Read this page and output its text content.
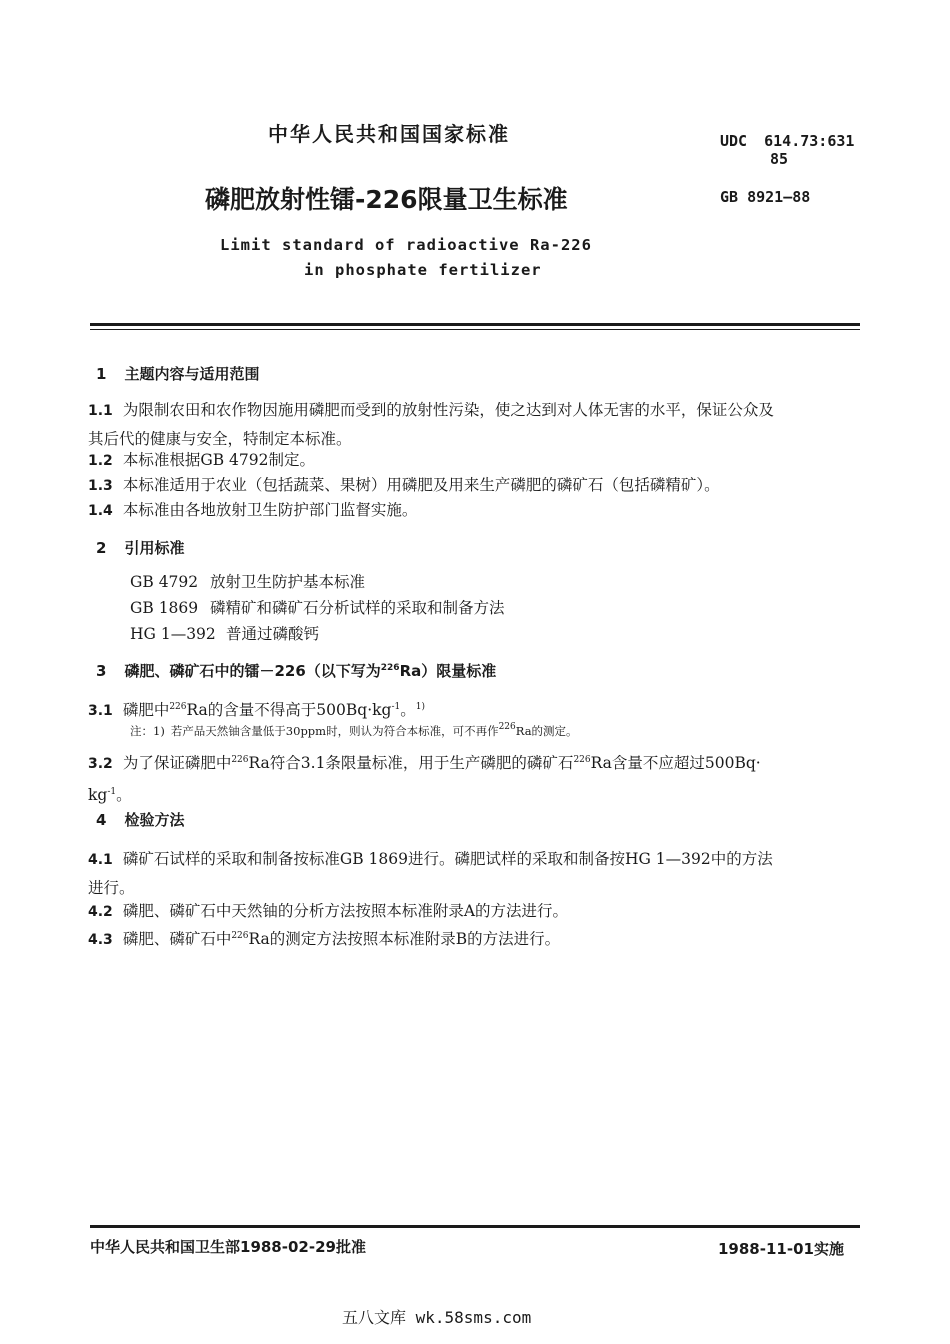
中华人民共和国国家标准	UDC 614.73:631
85
磷肥放射性镭-226限量卫生标准	GB 8921—88
Limit standard of radioactive Ra-226
in phosphate fertilizer
1 主题内容与适用范围
1.1 为限制农田和农作物因施用磷肥而受到的放射性污染，使之达到对人体无害的水平，保证公众及
其后代的健康与安全，特制定本标准。
1.2 本标准根据GB 4792制定。
1.3 本标准适用于农业（包括蔬菜、果树）用磷肥及用来生产磷肥的磷矿石（包括磷精矿）。
1.4 本标准由各地放射卫生防护部门监督实施。
2 引用标准
GB 4792 放射卫生防护基本标准
GB 1869 磷精矿和磷矿石分析试样的采取和制备方法
HG 1—392 普通过磷酸钙
3 磷肥、磷矿石中的镭－226（以下写为$^{226}$Ra）限量标准
3.1 磷肥中$^{226}$Ra的含量不得高于$500Bq\cdot kg^{-1}$。$^{1)}$
注：1) 若产品天然铀含量低于30ppm时，则认为符合本标准，可不再作$^{226}$Ra的测定。
3.2 为了保证磷肥中$^{226}$Ra符合3.1条限量标准，用于生产磷肥的磷矿石$^{226}$Ra含量不应超过500Bq·
$kg^{-1}$。
4 检验方法
4.1 磷矿石试样的采取和制备按标准GB 1869进行。磷肥试样的采取和制备按HG 1—392中的方法
进行。
4.2 磷肥、磷矿石中天然铀的分析方法按照本标准附录A的方法进行。
4.3 磷肥、磷矿石中$^{226}$Ra的测定方法按照本标准附录B的方法进行。
中华人民共和国卫生部1988-02-29批准	1988-11-01实施
五八文库 wk.58sms.com
